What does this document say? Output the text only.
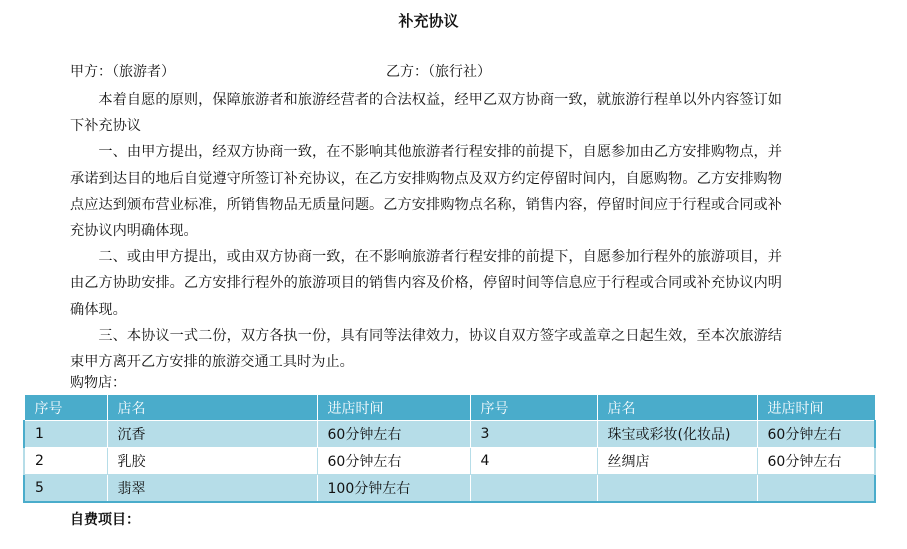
补充协议
甲方：（旅游者）	乙方：（旅行社）

本着自愿的原则，保障旅游者和旅游经营者的合法权益，经甲乙双方协商一致，就旅游行程单以外内容签订如下补充协议

一、由甲方提出，经双方协商一致，在不影响其他旅游者行程安排的前提下，自愿参加由乙方安排购物点，并承诺到达目的地后自觉遵守所签订补充协议，在乙方安排购物点及双方约定停留时间内，自愿购物。乙方安排购物点应达到颁布营业标准，所销售物品无质量问题。乙方安排购物点名称，销售内容，停留时间应于行程或合同或补充协议内明确体现。

二、或由甲方提出，或由双方协商一致，在不影响旅游者行程安排的前提下，自愿参加行程外的旅游项目，并由乙方协助安排。乙方安排行程外的旅游项目的销售内容及价格，停留时间等信息应于行程或合同或补充协议内明确体现。

三、本协议一式二份，双方各执一份，具有同等法律效力，协议自双方签字或盖章之日起生效，至本次旅游结束甲方离开乙方安排的旅游交通工具时为止。

购物店：
序号	店名	进店时间	序号	店名	进店时间
1	沉香	60分钟左右	3	珠宝或彩妆(化妆品)	60分钟左右
2	乳胶	60分钟左右	4	丝绸店	60分钟左右
5	翡翠	100分钟左右			
自费项目：
